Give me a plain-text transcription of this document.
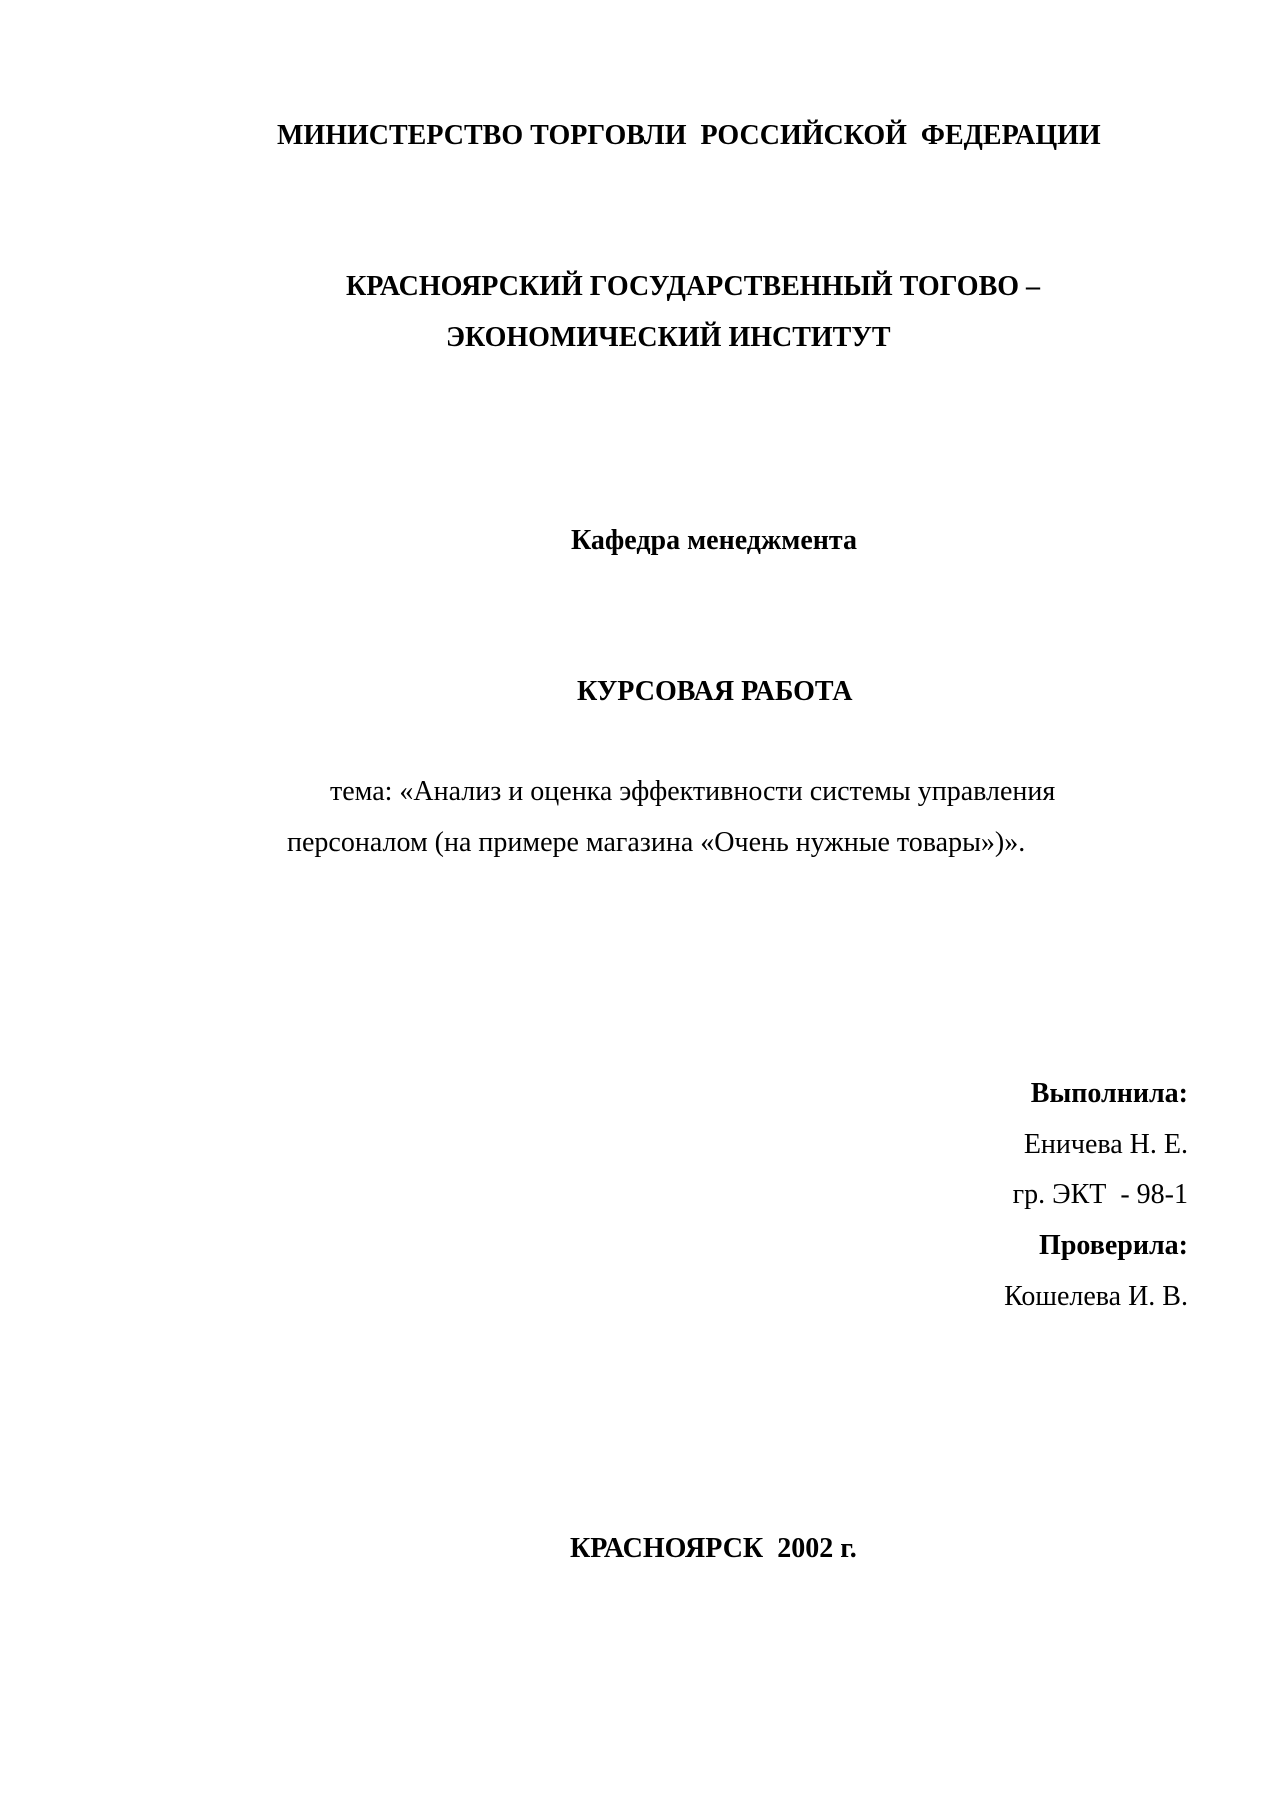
МИНИСТЕРСТВО ТОРГОВЛИ  РОССИЙСКОЙ  ФЕДЕРАЦИИ
КРАСНОЯРСКИЙ ГОСУДАРСТВЕННЫЙ ТОГОВО –
ЭКОНОМИЧЕСКИЙ ИНСТИТУТ
Кафедра менеджмента
КУРСОВАЯ РАБОТА
тема: «Анализ и оценка эффективности системы управления
персоналом (на примере магазина «Очень нужные товары»)».
Выполнила:
Еничева Н. Е.
гр. ЭКТ  - 98-1
Проверила:
Кошелева И. В.
КРАСНОЯРСК  2002 г.
